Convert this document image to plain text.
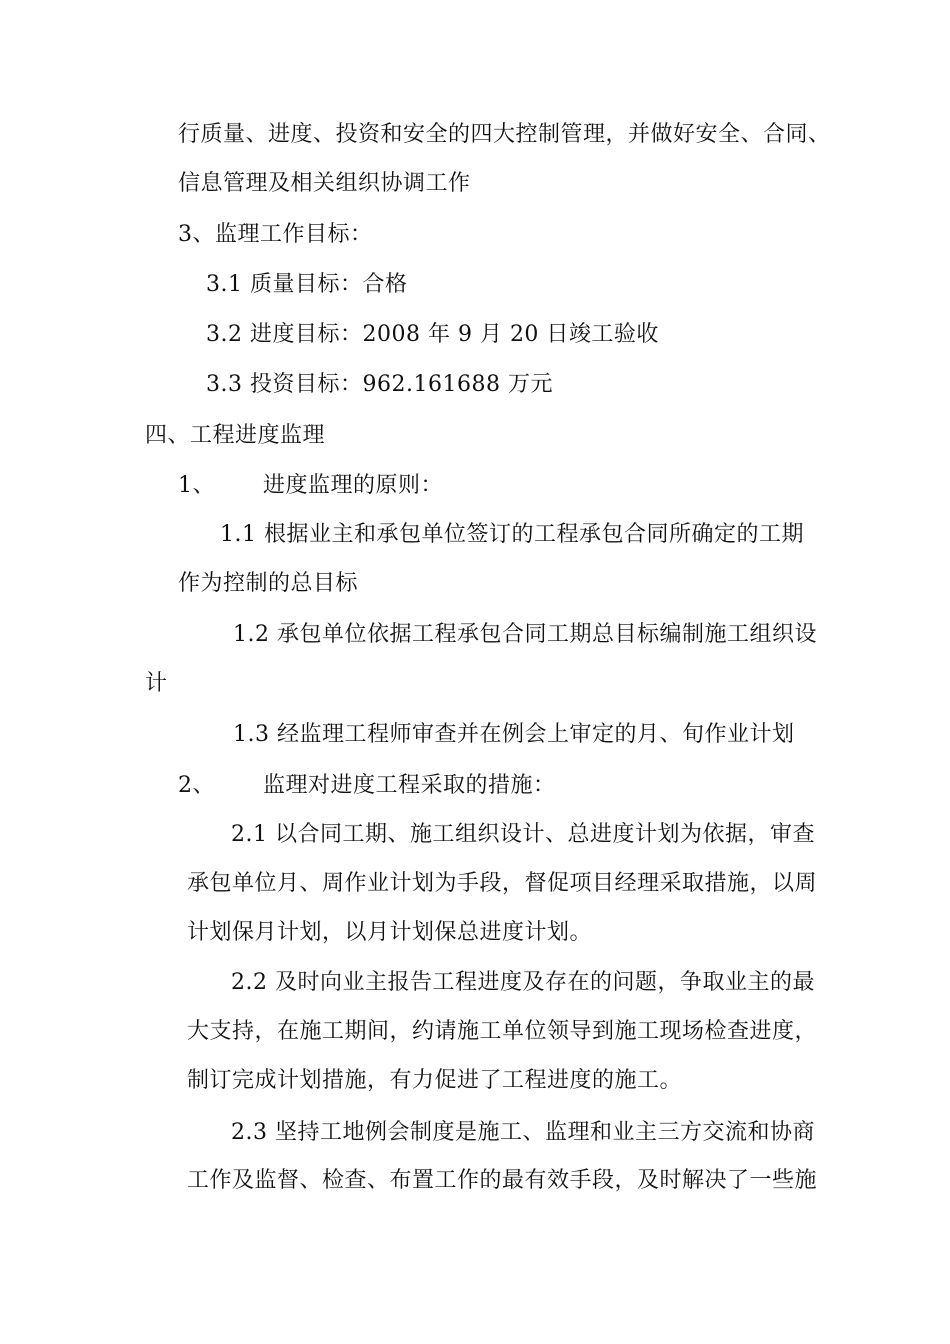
行质量、进度、投资和安全的四大控制管理，并做好安全、合同、
信息管理及相关组织协调工作
3、监理工作目标：
3.1 质量目标：合格
3.2 进度目标：2008 年 9 月 20 日竣工验收
3.3 投资目标：962.161688 万元
四、工程进度监理
1、 进度监理的原则：
1.1 根据业主和承包单位签订的工程承包合同所确定的工期
作为控制的总目标
1.2 承包单位依据工程承包合同工期总目标编制施工组织设
计
1.3 经监理工程师审查并在例会上审定的月、旬作业计划
2、 监理对进度工程采取的措施：
2.1 以合同工期、施工组织设计、总进度计划为依据，审查
承包单位月、周作业计划为手段，督促项目经理采取措施，以周
计划保月计划，以月计划保总进度计划。
2.2 及时向业主报告工程进度及存在的问题，争取业主的最
大支持，在施工期间，约请施工单位领导到施工现场检查进度，
制订完成计划措施，有力促进了工程进度的施工。
2.3 坚持工地例会制度是施工、监理和业主三方交流和协商
工作及监督、检查、布置工作的最有效手段，及时解决了一些施
